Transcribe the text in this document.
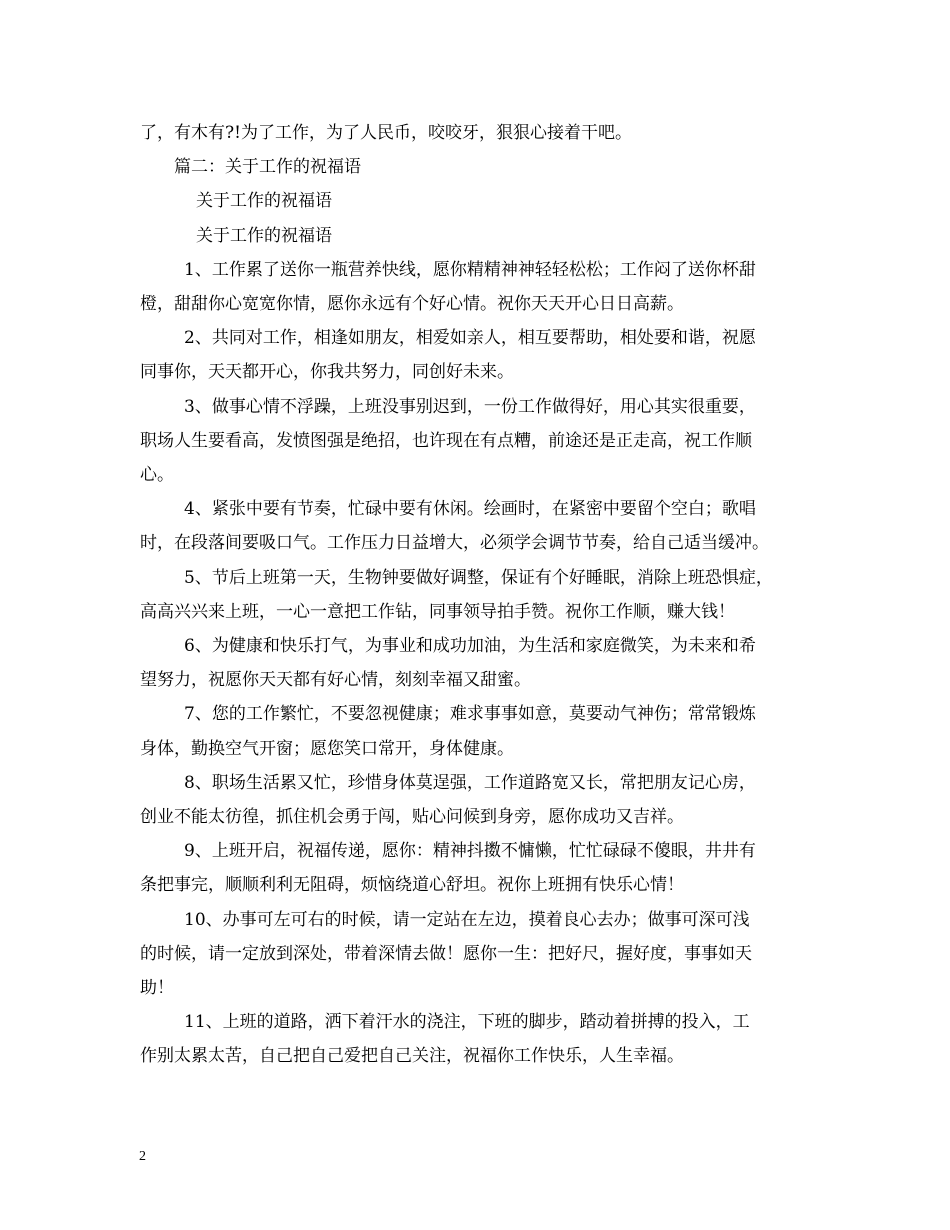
了，有木有?!为了工作，为了人民币，咬咬牙，狠狠心接着干吧。

篇二：关于工作的祝福语

关于工作的祝福语

关于工作的祝福语

1、工作累了送你一瓶营养快线，愿你精精神神轻轻松松；工作闷了送你杯甜

橙，甜甜你心宽宽你情，愿你永远有个好心情。祝你天天开心日日高薪。

2、共同对工作，相逢如朋友，相爱如亲人，相互要帮助，相处要和谐，祝愿

同事你，天天都开心，你我共努力，同创好未来。

3、做事心情不浮躁，上班没事别迟到，一份工作做得好，用心其实很重要，

职场人生要看高，发愤图强是绝招，也许现在有点糟，前途还是正走高，祝工作顺

心。

4、紧张中要有节奏，忙碌中要有休闲。绘画时，在紧密中要留个空白；歌唱

时，在段落间要吸口气。工作压力日益增大，必须学会调节节奏，给自己适当缓冲。

5、节后上班第一天，生物钟要做好调整，保证有个好睡眠，消除上班恐惧症，

高高兴兴来上班，一心一意把工作钻，同事领导拍手赞。祝你工作顺，赚大钱！

6、为健康和快乐打气，为事业和成功加油，为生活和家庭微笑，为未来和希

望努力，祝愿你天天都有好心情，刻刻幸福又甜蜜。

7、您的工作繁忙，不要忽视健康；难求事事如意，莫要动气神伤；常常锻炼

身体，勤换空气开窗；愿您笑口常开，身体健康。

8、职场生活累又忙，珍惜身体莫逞强，工作道路宽又长，常把朋友记心房，

创业不能太彷徨，抓住机会勇于闯，贴心问候到身旁，愿你成功又吉祥。

9、上班开启，祝福传递，愿你：精神抖擞不慵懒，忙忙碌碌不傻眼，井井有

条把事完，顺顺利利无阻碍，烦恼绕道心舒坦。祝你上班拥有快乐心情！

10、办事可左可右的时候，请一定站在左边，摸着良心去办；做事可深可浅

的时候，请一定放到深处，带着深情去做！愿你一生：把好尺，握好度，事事如天

助！

11、上班的道路，洒下着汗水的浇注，下班的脚步，踏动着拼搏的投入，工

作别太累太苦，自己把自己爱把自己关注，祝福你工作快乐，人生幸福。

2
